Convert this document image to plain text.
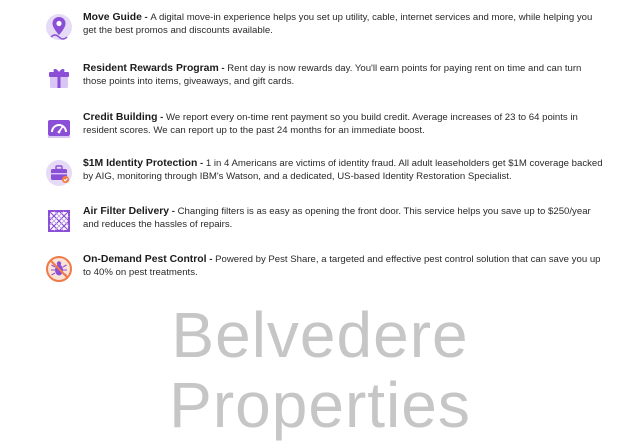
Move Guide - A digital move-in experience helps you set up utility, cable, internet services and more, while helping you get the best promos and discounts available.
Resident Rewards Program - Rent day is now rewards day. You'll earn points for paying rent on time and can turn those points into items, giveaways, and gift cards.
Credit Building - We report every on-time rent payment so you build credit. Average increases of 23 to 64 points in resident scores. We can report up to the past 24 months for an immediate boost.
$1M Identity Protection - 1 in 4 Americans are victims of identity fraud. All adult leaseholders get $1M coverage backed by AIG, monitoring through IBM's Watson, and a dedicated, US-based Identity Restoration Specialist.
Air Filter Delivery - Changing filters is as easy as opening the front door. This service helps you save up to $250/year and reduces the hassles of repairs.
On-Demand Pest Control - Powered by Pest Share, a targeted and effective pest control solution that can save you up to 40% on pest treatments.
Belvedere
Properties
